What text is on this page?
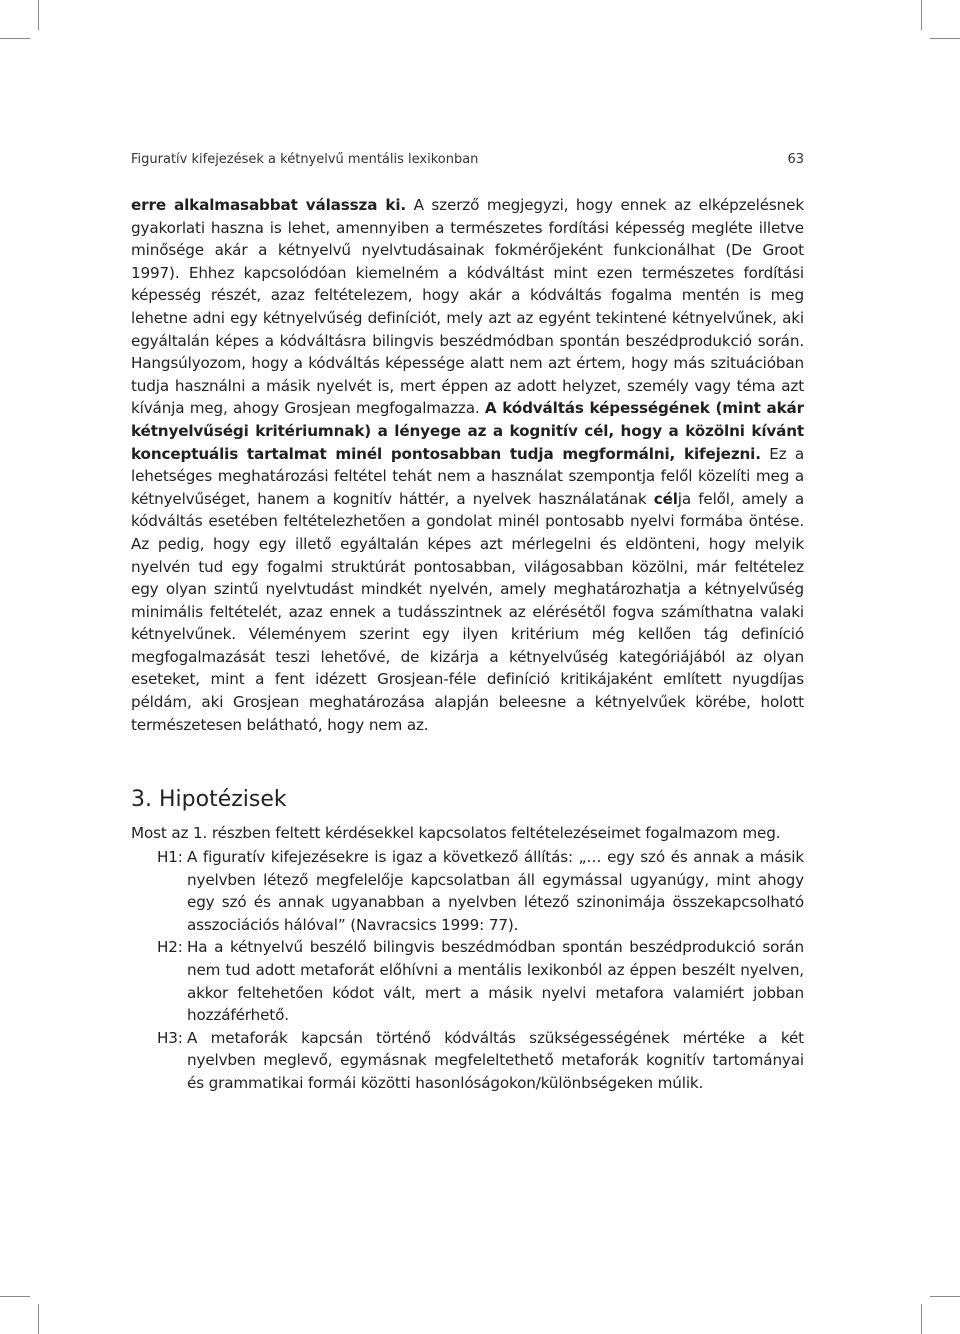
Figuratív kifejezések a kétnyelvű mentális lexikonban	63

erre alkalmasabbat válassza ki. A szerző megjegyzi, hogy ennek az elképzelésnek gyakorlati haszna is lehet, amennyiben a természetes fordítási képesség megléte illetve minősége akár a kétnyelvű nyelvtudásainak fokmérőjeként funkcionálhat (De Groot 1997). Ehhez kapcsolódóan kiemelném a kódváltást mint ezen természetes fordítási képesség részét, azaz feltételezem, hogy akár a kódváltás fogalma mentén is meg lehetne adni egy kétnyelvűség definíciót, mely azt az egyént tekintené kétnyelvűnek, aki egyáltalán képes a kódváltásra bilingvis beszédmódban spontán beszédprodukció során. Hangsúlyozom, hogy a kódváltás képessége alatt nem azt értem, hogy más szituációban tudja használni a másik nyelvét is, mert éppen az adott helyzet, személy vagy téma azt kívánja meg, ahogy Grosjean megfogalmazza. A kódváltás képességének (mint akár kétnyelvűségi kritériumnak) a lényege az a kognitív cél, hogy a közölni kívánt konceptuális tartalmat minél pontosabban tudja megformálni, kifejezni. Ez a lehetséges meghatározási feltétel tehát nem a használat szempontja felől közelíti meg a kétnyelvűséget, hanem a kognitív háttér, a nyelvek használatának célja felől, amely a kódváltás esetében feltételezhetően a gondolat minél pontosabb nyelvi formába öntése. Az pedig, hogy egy illető egyáltalán képes azt mérlegelni és eldönteni, hogy melyik nyelvén tud egy fogalmi struktúrát pontosabban, világosabban közölni, már feltételez egy olyan szintű nyelvtudást mindkét nyelvén, amely meghatározhatja a kétnyelvűség minimális feltételét, azaz ennek a tudásszintnek az elérésétől fogva számíthatna valaki kétnyelvűnek. Véleményem szerint egy ilyen kritérium még kellően tág definíció megfogalmazását teszi lehetővé, de kizárja a kétnyelvűség kategóriájából az olyan eseteket, mint a fent idézett Grosjean-féle definíció kritikájaként említett nyugdíjas példám, aki Grosjean meghatározása alapján beleesne a kétnyelvűek körébe, holott természetesen belátható, hogy nem az.

3. Hipotézisek

Most az 1. részben feltett kérdésekkel kapcsolatos feltételezéseimet fogalmazom meg.

H1: A figuratív kifejezésekre is igaz a következő állítás: „… egy szó és annak a másik nyelvben létező megfelelője kapcsolatban áll egymással ugyanúgy, mint ahogy egy szó és annak ugyanabban a nyelvben létező szinonimája összekapcsolható asszociációs hálóval” (Navracsics 1999: 77).
H2: Ha a kétnyelvű beszélő bilingvis beszédmódban spontán beszédprodukció során nem tud adott metaforát előhívni a mentális lexikonból az éppen beszélt nyelven, akkor feltehetően kódot vált, mert a másik nyelvi metafora valamiért jobban hozzáférhető.
H3: A metaforák kapcsán történő kódváltás szükségességének mértéke a két nyelvben meglevő, egymásnak megfeleltethető metaforák kognitív tartományai és grammatikai formái közötti hasonlóságokon/különbségeken múlik.
